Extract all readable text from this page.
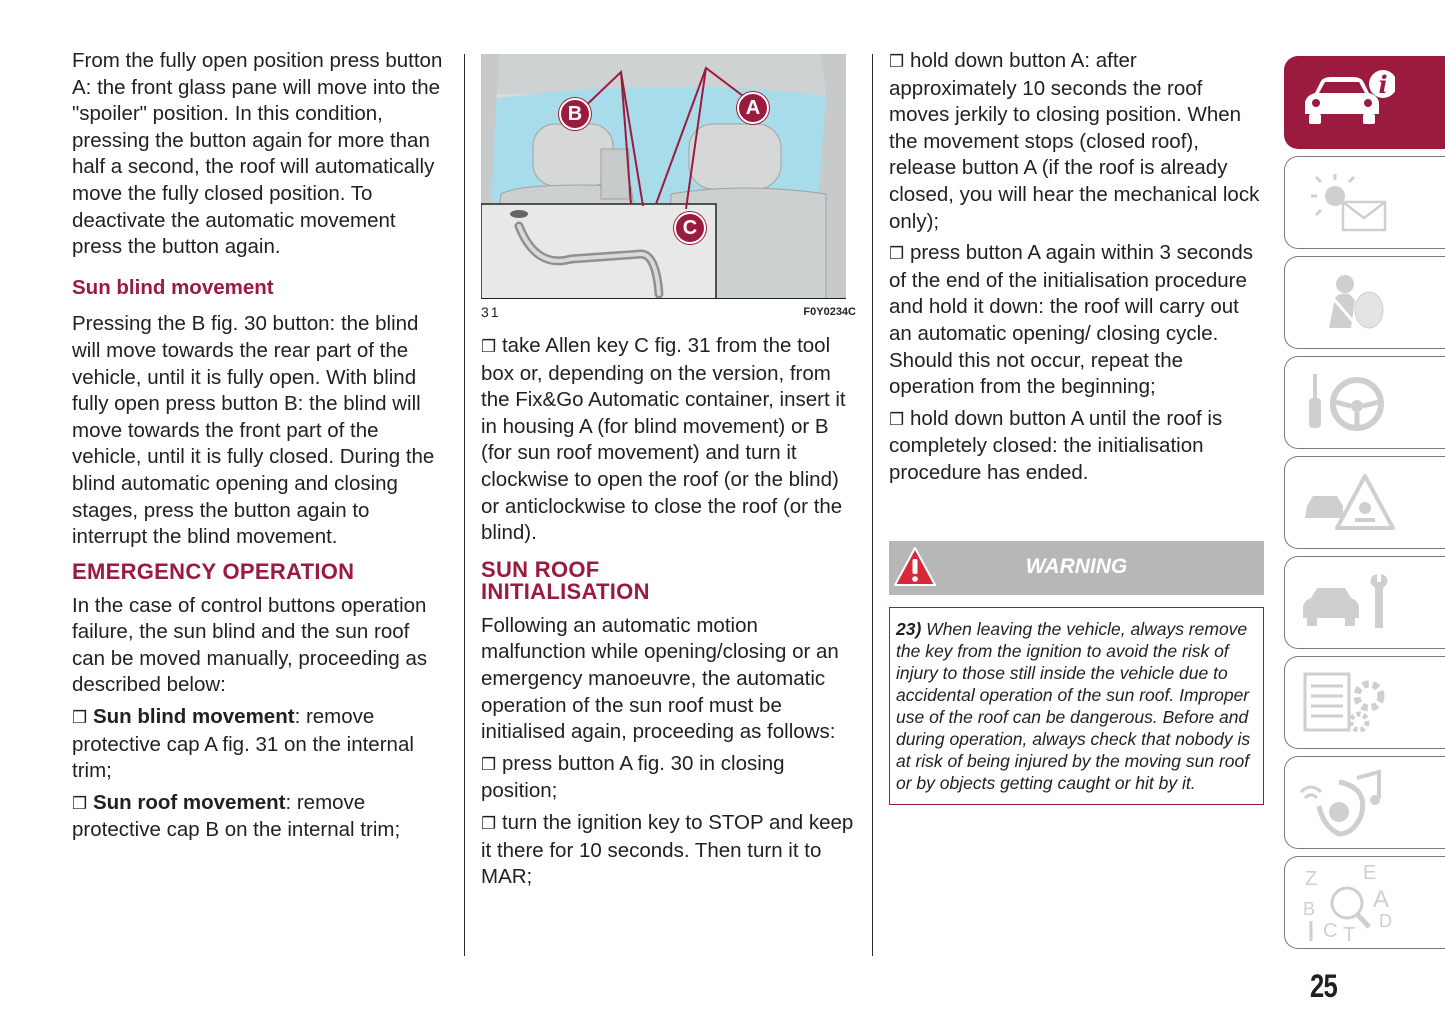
From the fully open position press button A: the front glass pane will move into the "spoiler" position. In this condition, pressing the button again for more than half a second, the roof will automatically move the fully closed position. To deactivate the automatic movement press the button again.

Sun blind movement

Pressing the B fig. 30 button: the blind will move towards the rear part of the vehicle, until it is fully open. With blind fully open press button B: the blind will move towards the front part of the vehicle, until it is fully closed. During the blind automatic opening and closing stages, press the button again to interrupt the blind movement.

EMERGENCY OPERATION

In the case of control buttons operation failure, the sun blind and the sun roof can be moved manually, proceeding as described below:

❒ Sun blind movement: remove protective cap A fig. 31 on the internal trim;

❒ Sun roof movement: remove protective cap B on the internal trim;

B	A
C
31	F0Y0234C

❒ take Allen key C fig. 31 from the tool box or, depending on the version, from the Fix&Go Automatic container, insert it in housing A (for blind movement) or B (for sun roof movement) and turn it clockwise to open the roof (or the blind) or anticlockwise to close the roof (or the blind).

SUN ROOF
INITIALISATION

Following an automatic motion malfunction while opening/closing or an emergency manoeuvre, the automatic operation of the sun roof must be initialised again, proceeding as follows:

❒ press button A fig. 30 in closing position;

❒ turn the ignition key to STOP and keep it there for 10 seconds. Then turn it to MAR;

❒ hold down button A: after approximately 10 seconds the roof moves jerkily to closing position. When the movement stops (closed roof), release button A (if the roof is already closed, you will hear the mechanical lock only);

❒ press button A again within 3 seconds of the end of the initialisation procedure and hold it down: the roof will carry out an automatic opening/ closing cycle. Should this not occur, repeat the operation from the beginning;

❒ hold down button A until the roof is completely closed: the initialisation procedure has ended.

WARNING
23) When leaving the vehicle, always remove the key from the ignition to avoid the risk of injury to those still inside the vehicle due to accidental operation of the sun roof. Improper use of the roof can be dangerous. Before and during operation, always check that nobody is at risk of being injured by the moving sun roof or by objects getting caught or hit by it.
i
Z E
A
B
C D
T
25
